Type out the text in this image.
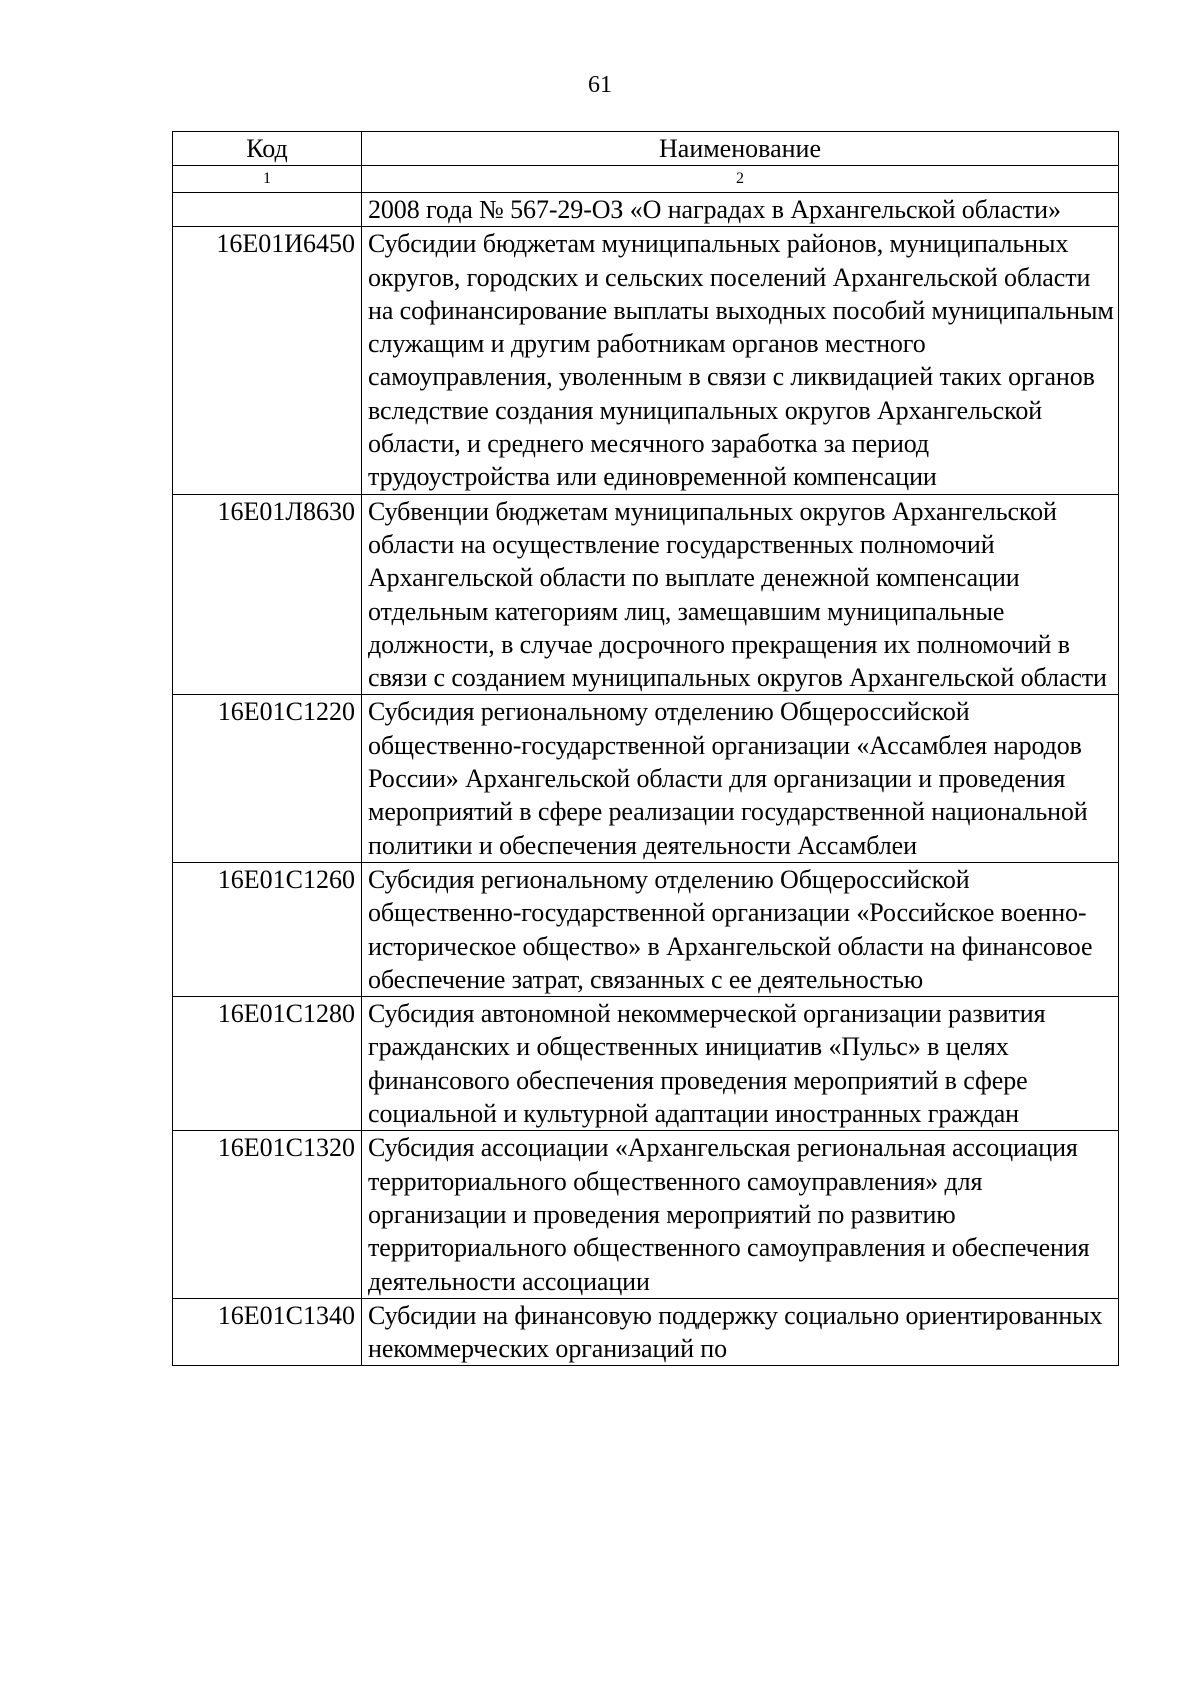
61
Код	Наименование
1	2
	2008 года № 567-29-ОЗ «О наградах в Архангельской области»
16Е01И6450	Субсидии бюджетам муниципальных районов, муниципальных округов, городских и сельских поселений Архангельской области на софинансирование выплаты выходных пособий муниципальным служащим и другим работникам органов местного самоуправления, уволенным в связи с ликвидацией таких органов вследствие создания муниципальных округов Архангельской области, и среднего месячного заработка за период трудоустройства или единовременной компенсации
16Е01Л8630	Субвенции бюджетам муниципальных округов Архангельской области на осуществление государственных полномочий Архангельской области по выплате денежной компенсации отдельным категориям лиц, замещавшим муниципальные должности, в случае досрочного прекращения их полномочий в связи с созданием муниципальных округов Архангельской области
16Е01С1220	Субсидия региональному отделению Общероссийской общественно-государственной организации «Ассамблея народов России» Архангельской области для организации и проведения мероприятий в сфере реализации государственной национальной политики и обеспечения деятельности Ассамблеи
16Е01С1260	Субсидия региональному отделению Общероссийской общественно-государственной организации «Российское военно-историческое общество» в Архангельской области на финансовое обеспечение затрат, связанных с ее деятельностью
16Е01С1280	Субсидия автономной некоммерческой организации развития гражданских и общественных инициатив «Пульс» в целях финансового обеспечения проведения мероприятий в сфере социальной и культурной адаптации иностранных граждан
16Е01С1320	Субсидия ассоциации «Архангельская региональная ассоциация территориального общественного самоуправления» для организации и проведения мероприятий по развитию территориального общественного самоуправления и обеспечения деятельности ассоциации
16Е01С1340	Субсидии на финансовую поддержку социально ориентированных некоммерческих организаций по
